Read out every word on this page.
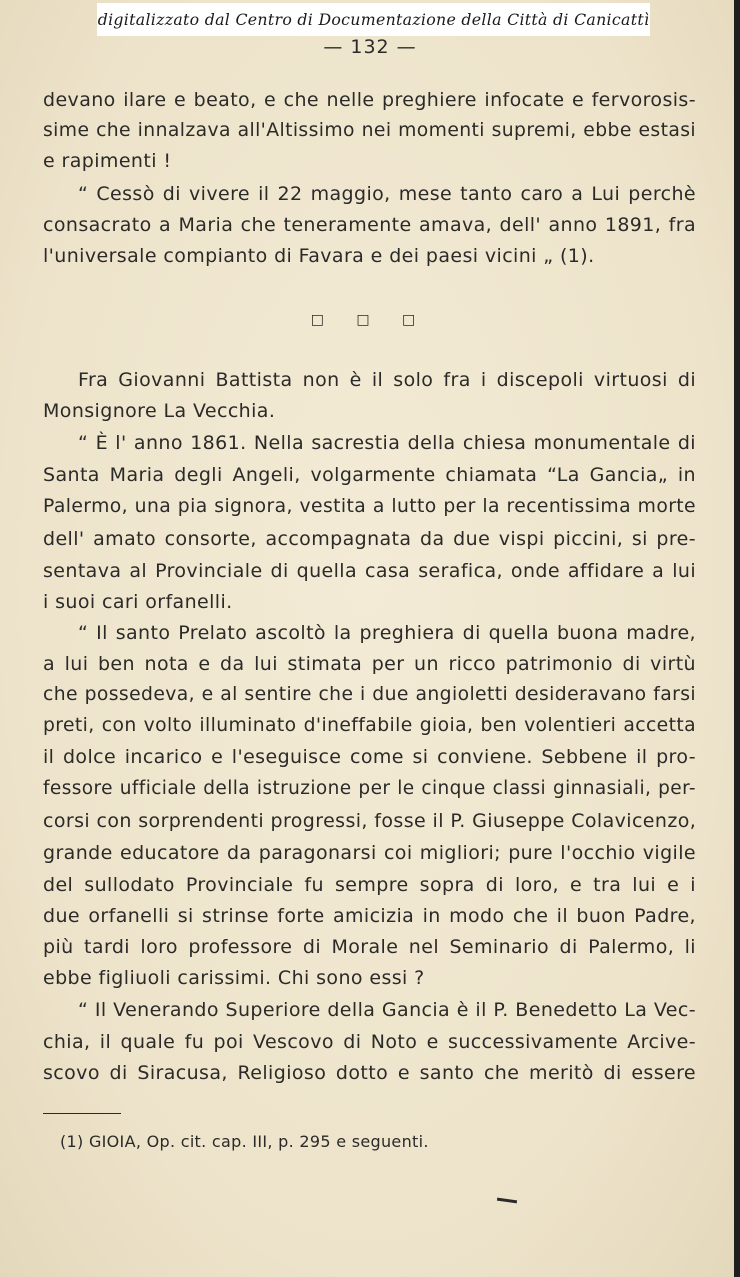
digitalizzato dal Centro di Documentazione della Città di Canicattì
— 132 —
devano ilare e beato, e che nelle preghiere infocate e fervorosis-
sime che innalzava all'Altissimo nei momenti supremi, ebbe estasi
e rapimenti !
“ Cessò di vivere il 22 maggio, mese tanto caro a Lui perchè
consacrato a Maria che teneramente amava, dell' anno 1891, fra
l'universale compianto di Favara e dei paesi vicini „ (1).
□ □ □
Fra Giovanni Battista non è il solo fra i discepoli virtuosi di
Monsignore La Vecchia.
“ È l' anno 1861. Nella sacrestia della chiesa monumentale di
Santa Maria degli Angeli, volgarmente chiamata “La Gancia„ in
Palermo, una pia signora, vestita a lutto per la recentissima morte
dell' amato consorte, accompagnata da due vispi piccini, si pre-
sentava al Provinciale di quella casa serafica, onde affidare a lui
i suoi cari orfanelli.
“ Il santo Prelato ascoltò la preghiera di quella buona madre,
a lui ben nota e da lui stimata per un ricco patrimonio di virtù
che possedeva, e al sentire che i due angioletti desideravano farsi
preti, con volto illuminato d'ineffabile gioia, ben volentieri accetta
il dolce incarico e l'eseguisce come si conviene. Sebbene il pro-
fessore ufficiale della istruzione per le cinque classi ginnasiali, per-
corsi con sorprendenti progressi, fosse il P. Giuseppe Colavicenzo,
grande educatore da paragonarsi coi migliori; pure l'occhio vigile
del sullodato Provinciale fu sempre sopra di loro, e tra lui e i
due orfanelli si strinse forte amicizia in modo che il buon Padre,
più tardi loro professore di Morale nel Seminario di Palermo, li
ebbe figliuoli carissimi. Chi sono essi ?
“ Il Venerando Superiore della Gancia è il P. Benedetto La Vec-
chia, il quale fu poi Vescovo di Noto e successivamente Arcive-
scovo di Siracusa, Religioso dotto e santo che meritò di essere
(1) GIOIA, Op. cit. cap. III, p. 295 e seguenti.
